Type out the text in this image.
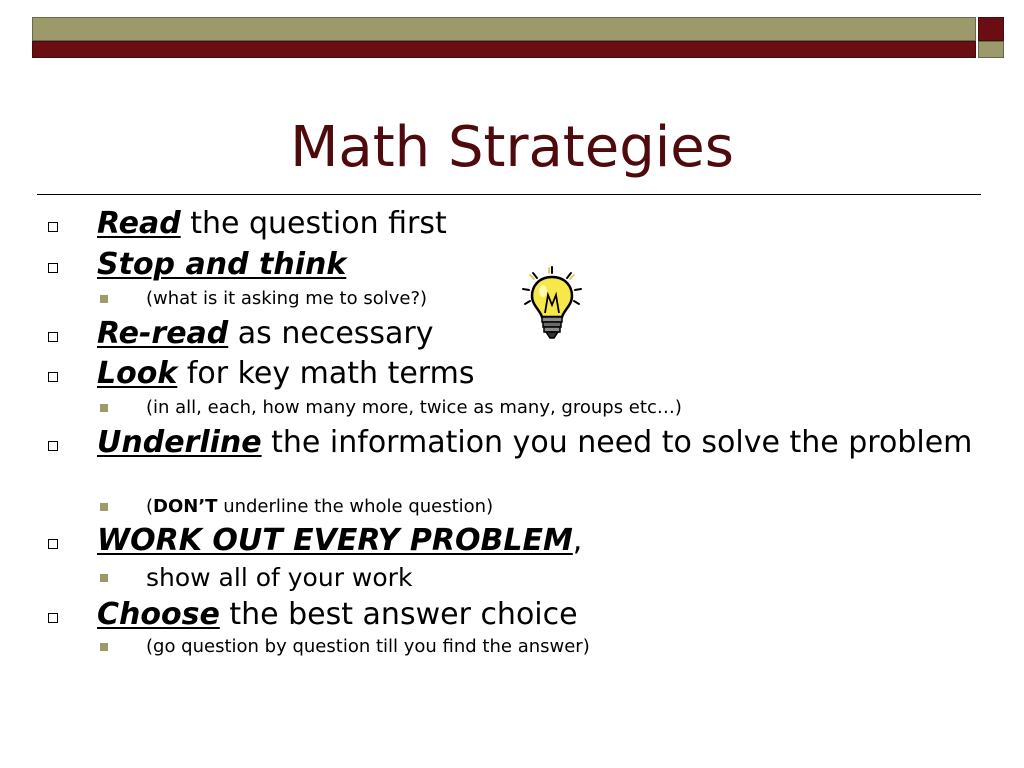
Math Strategies
Read the question first
Stop and think
(what is it asking me to solve?)
Re-read as necessary
Look for key math terms
(in all, each, how many more, twice as many, groups etc…)
Underline the information you need to solve the problem
(DON’T underline the whole question)
WORK OUT EVERY PROBLEM,
show all of your work
Choose the best answer choice
(go question by question till you find the answer)
